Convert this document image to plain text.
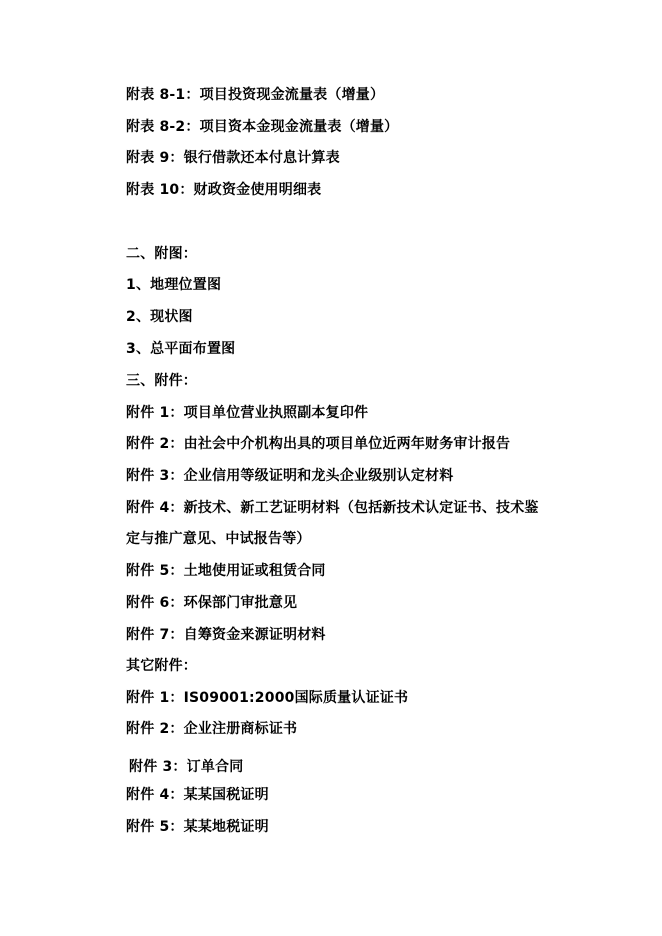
附表 8-1：项目投资现金流量表（增量）
附表 8-2：项目资本金现金流量表（增量）
附表 9：银行借款还本付息计算表
附表 10：财政资金使用明细表
二、附图：
1、地理位置图
2、现状图
3、总平面布置图
三、附件：
附件 1：项目单位营业执照副本复印件
附件 2：由社会中介机构出具的项目单位近两年财务审计报告
附件 3：企业信用等级证明和龙头企业级别认定材料
附件 4：新技术、新工艺证明材料（包括新技术认定证书、技术鉴
定与推广意见、中试报告等）
附件 5：土地使用证或租赁合同
附件 6：环保部门审批意见
附件 7：自筹资金来源证明材料
其它附件：
附件 1：IS09001:2000国际质量认证证书
附件 2：企业注册商标证书
附件 3：订单合同
附件 4：某某国税证明
附件 5：某某地税证明
